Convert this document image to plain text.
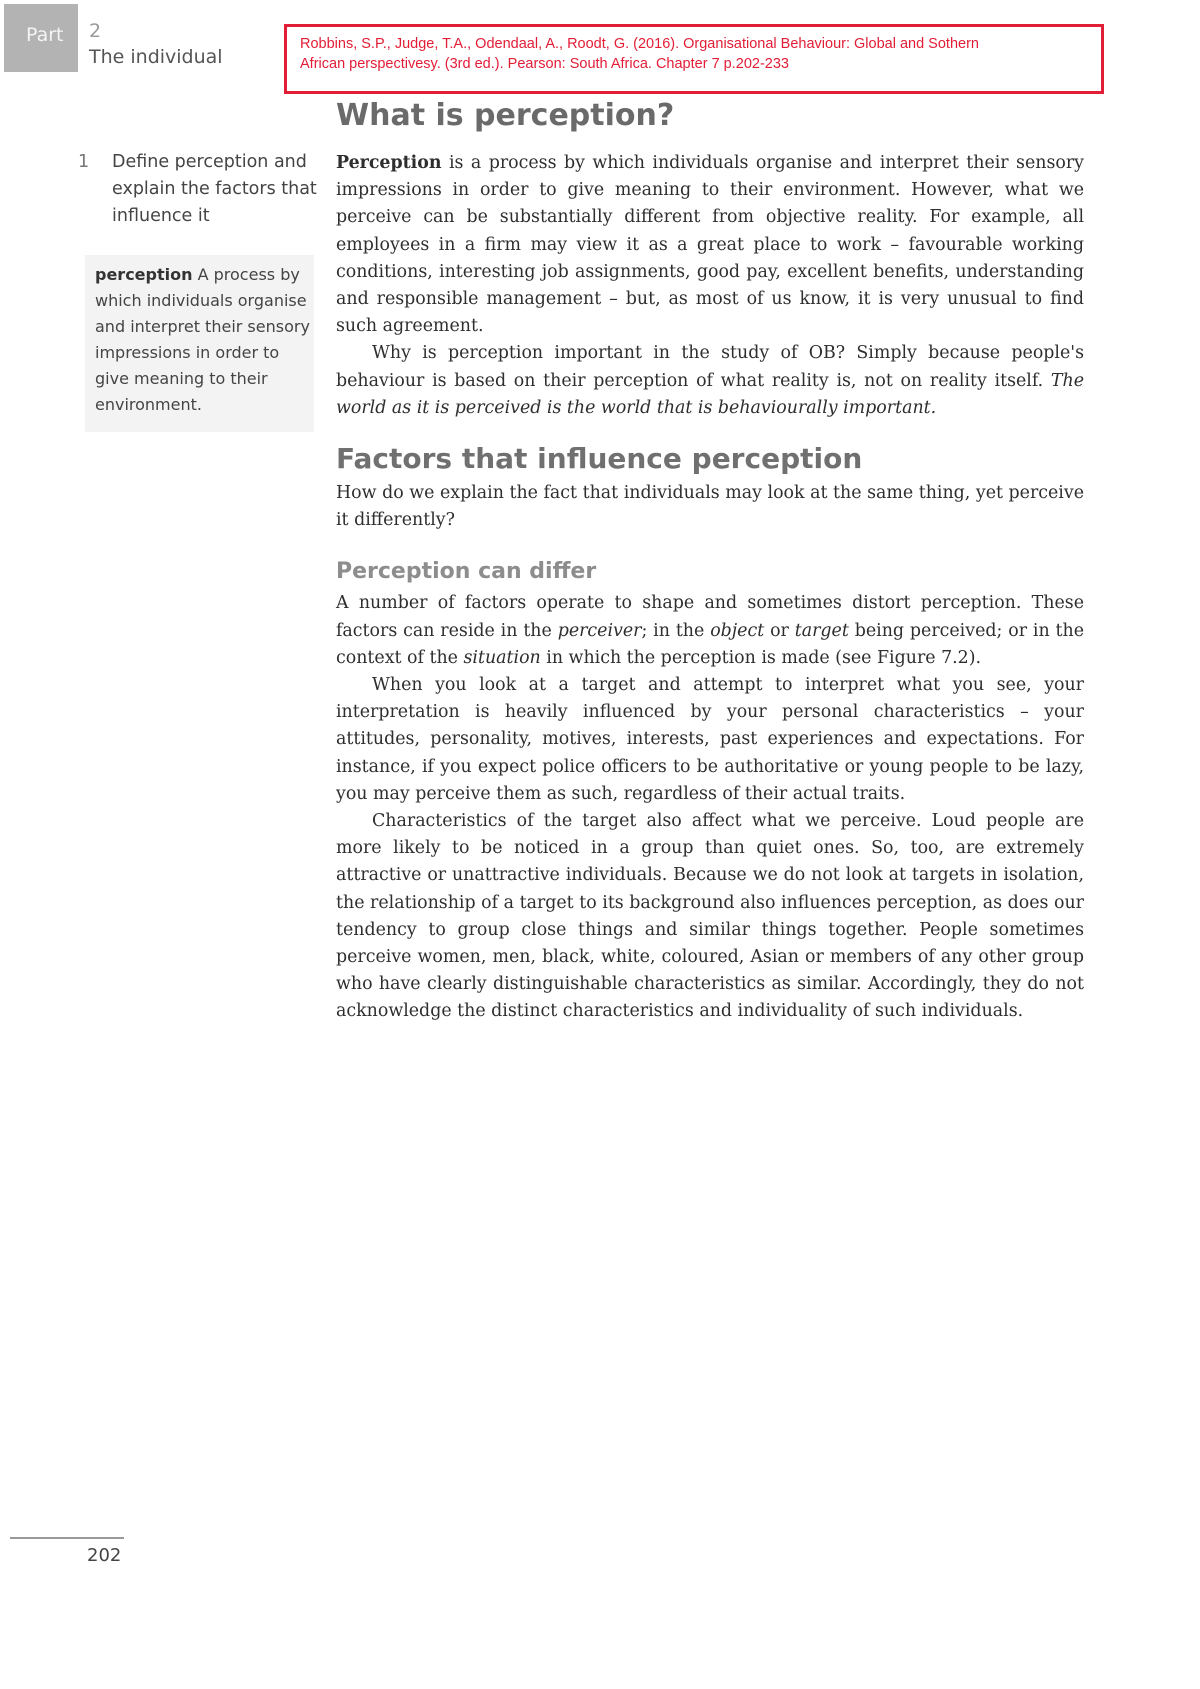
Part 2
The individual

Robbins, S.P., Judge, T.A., Odendaal, A., Roodt, G. (2016). Organisational Behaviour: Global and Sothern

African perspectivesy. (3rd ed.). Pearson: South Africa. Chapter 7 p.202-233

1	Define perception and explain the factors that influence it
perception A process by which individuals organise and interpret their sensory impressions in order to give meaning to their environment.
What is perception?

Perception is a process by which individuals organise and interpret their sensory impressions in order to give meaning to their environment. However, what we perceive can be substantially different from objective reality. For example, all employees in a firm may view it as a great place to work – favourable working conditions, interesting job assignments, good pay, excellent benefits, understanding and responsible management – but, as most of us know, it is very unusual to find such agreement.

Why is perception important in the study of OB? Simply because people's behaviour is based on their perception of what reality is, not on reality itself. The world as it is perceived is the world that is behaviourally important.

Factors that influence perception

How do we explain the fact that individuals may look at the same thing, yet perceive it differently?

Perception can differ

A number of factors operate to shape and sometimes distort perception. These factors can reside in the perceiver; in the object or target being perceived; or in the context of the situation in which the perception is made (see Figure 7.2).

When you look at a target and attempt to interpret what you see, your interpretation is heavily influenced by your personal characteristics – your attitudes, personality, motives, interests, past experiences and expectations. For instance, if you expect police officers to be authoritative or young people to be lazy, you may perceive them as such, regardless of their actual traits.

Characteristics of the target also affect what we perceive. Loud people are more likely to be noticed in a group than quiet ones. So, too, are extremely attractive or unattractive individuals. Because we do not look at targets in isolation, the relationship of a target to its background also influences perception, as does our tendency to group close things and similar things together. People sometimes perceive women, men, black, white, coloured, Asian or members of any other group who have clearly distinguishable characteristics as similar. Accordingly, they do not acknowledge the distinct characteristics and individuality of such individuals.

202
